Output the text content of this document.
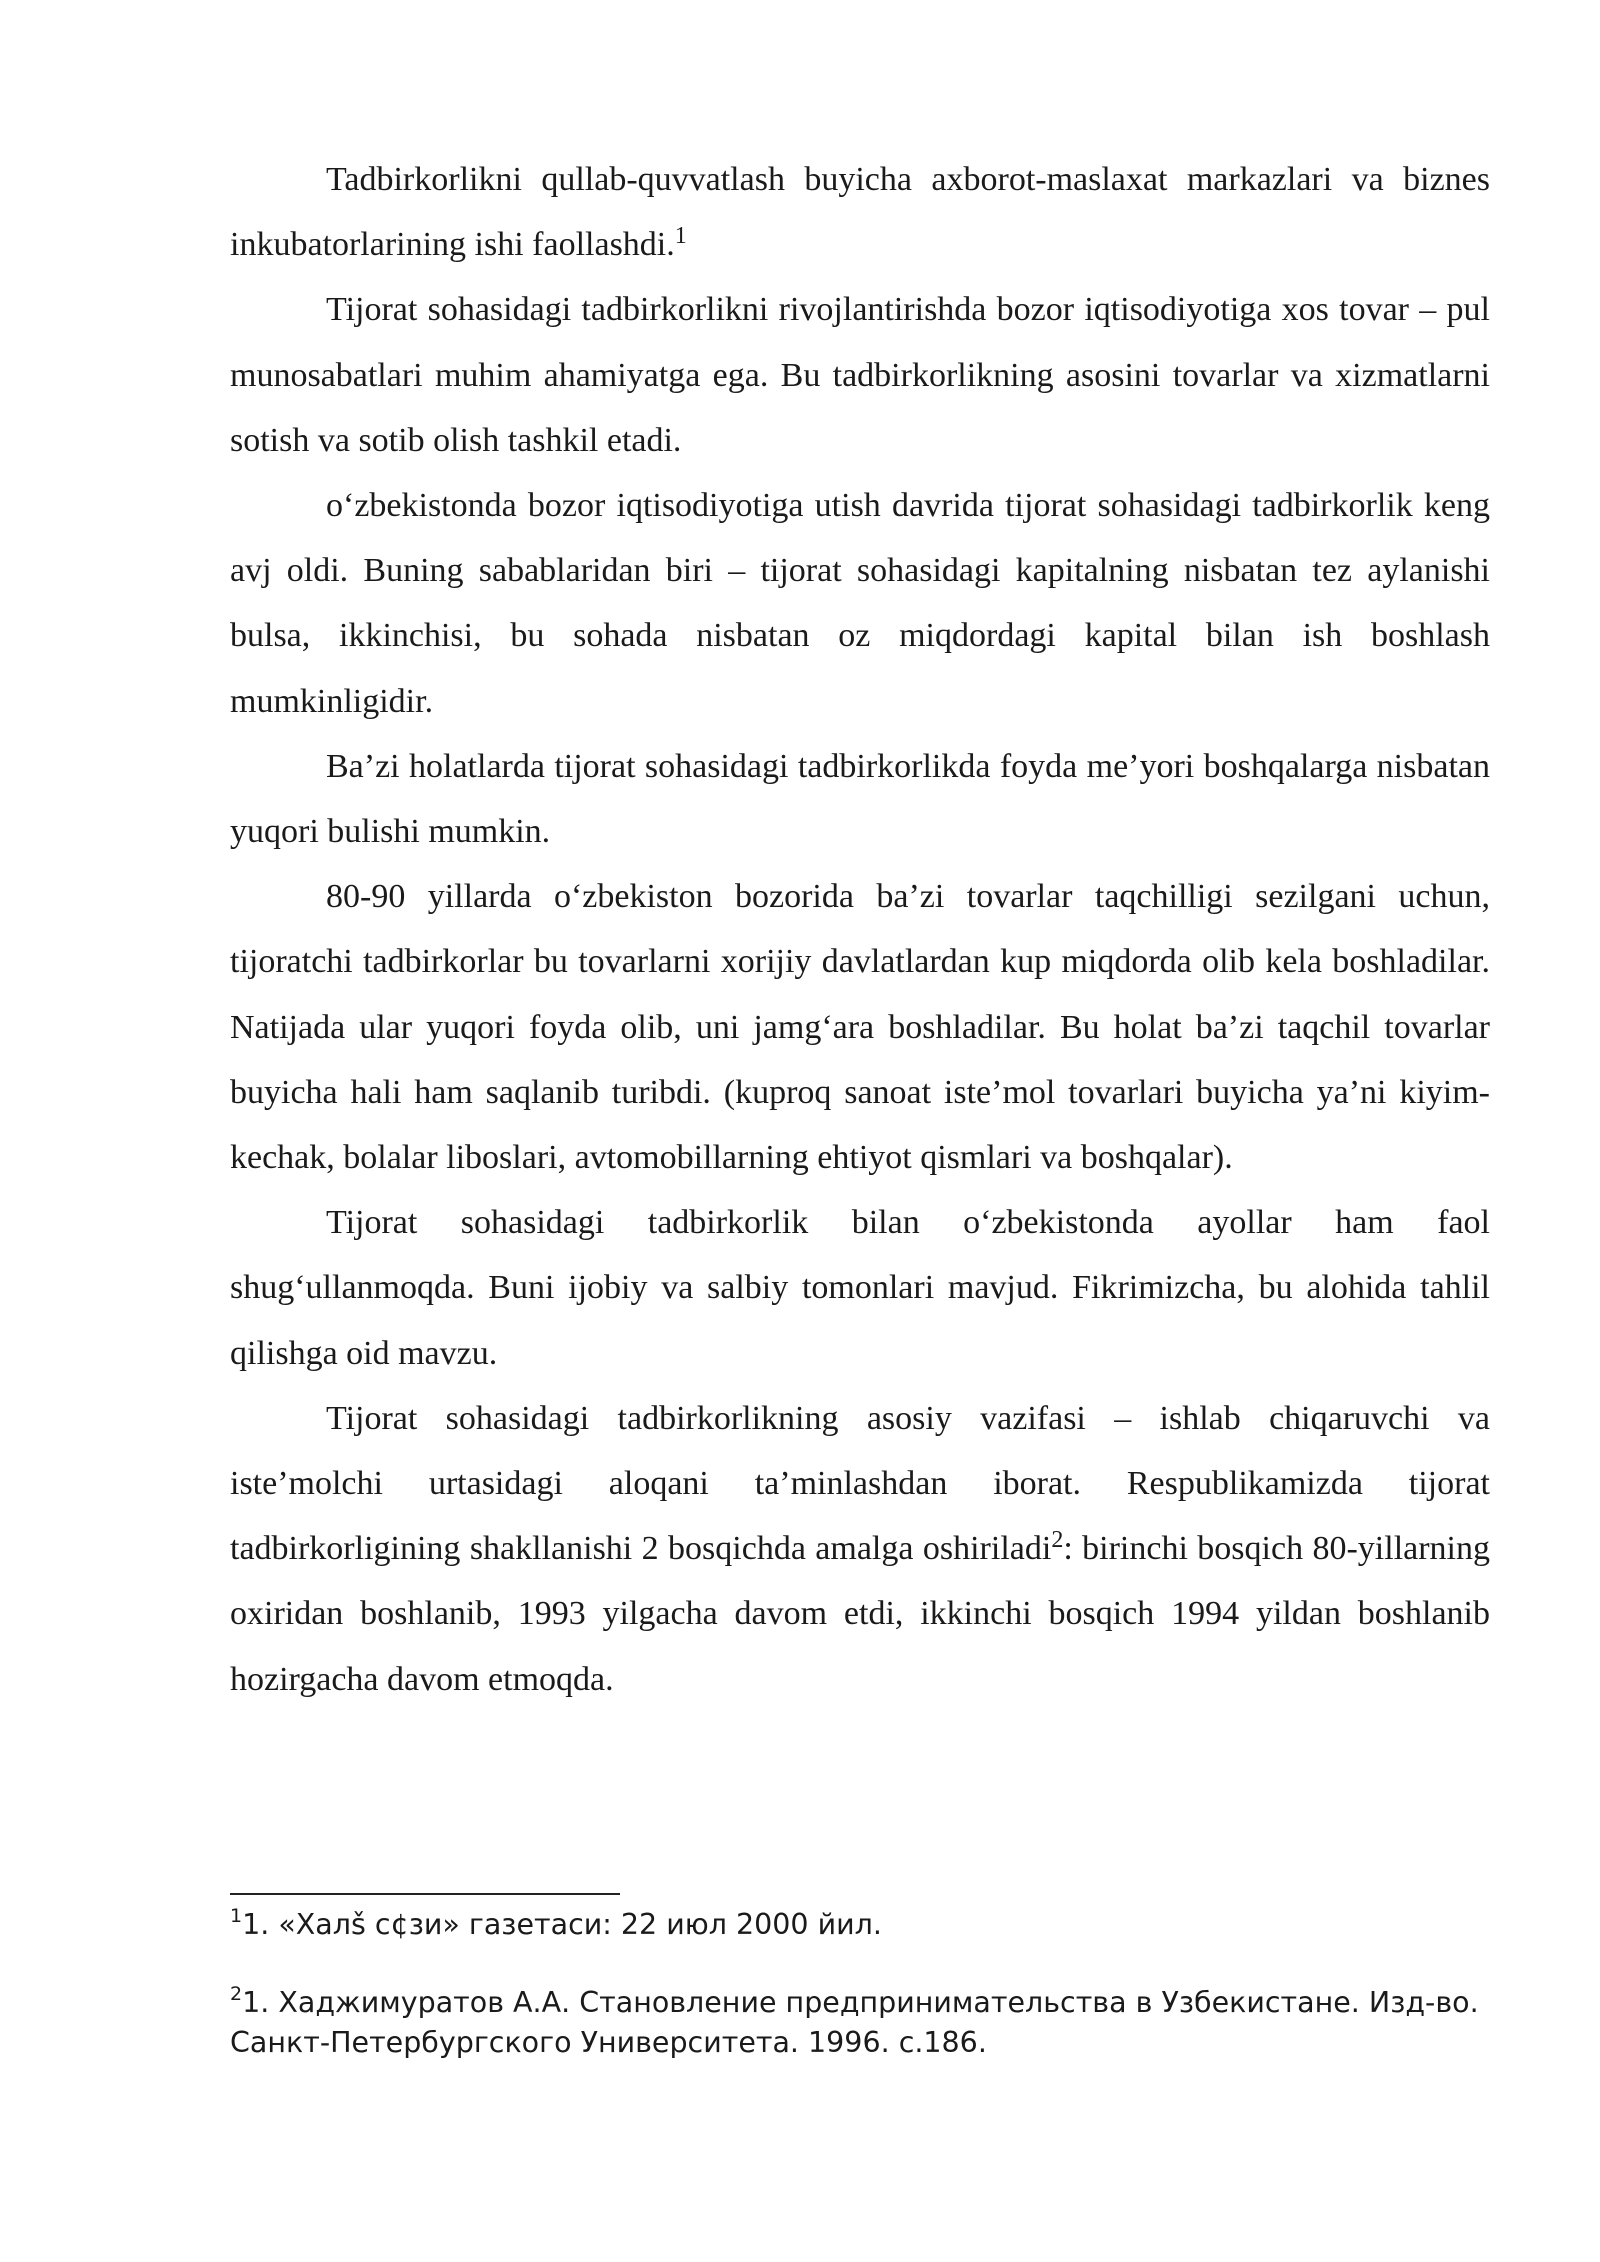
Tadbirkorlikni qullab-quvvatlash buyicha axborot-maslaxat markazlari va biznes inkubatorlarining ishi faollashdi.$^1$

Tijorat sohasidagi tadbirkorlikni rivojlantirishda bozor iqtisodiyotiga xos tovar – pul munosabatlari muhim ahamiyatga ega. Bu tadbirkorlikning asosini tovarlar va xizmatlarni sotish va sotib olish tashkil etadi.

o‘zbekistonda bozor iqtisodiyotiga utish davrida tijorat sohasidagi tadbirkorlik keng avj oldi. Buning sabablaridan biri – tijorat sohasidagi kapitalning nisbatan tez aylanishi bulsa, ikkinchisi, bu sohada nisbatan oz miqdordagi kapital bilan ish boshlash mumkinligidir.

Ba’zi holatlarda tijorat sohasidagi tadbirkorlikda foyda me’yori boshqalarga nisbatan yuqori bulishi mumkin.

80-90 yillarda o‘zbekiston bozorida ba’zi tovarlar taqchilligi sezilgani uchun, tijoratchi tadbirkorlar bu tovarlarni xorijiy davlatlardan kup miqdorda olib kela boshladilar. Natijada ular yuqori foyda olib, uni jamg‘ara boshladilar. Bu holat ba’zi taqchil tovarlar buyicha hali ham saqlanib turibdi. (kuproq sanoat iste’mol tovarlari buyicha ya’ni kiyim-kechak, bolalar liboslari, avtomobillarning ehtiyot qismlari va boshqalar).

Tijorat sohasidagi tadbirkorlik bilan o‘zbekistonda ayollar ham faol shug‘ullanmoqda. Buni ijobiy va salbiy tomonlari mavjud. Fikrimizcha, bu alohida tahlil qilishga oid mavzu.

Tijorat sohasidagi tadbirkorlikning asosiy vazifasi – ishlab chiqaruvchi va iste’molchi urtasidagi aloqani ta’minlashdan iborat. Respublikamizda tijorat tadbirkorligining shakllanishi 2 bosqichda amalga oshiriladi$^2$: birinchi bosqich 80-yillarning oxiridan boshlanib, 1993 yilgacha davom etdi, ikkinchi bosqich 1994 yildan boshlanib hozirgacha davom etmoqda.

$^1$1. «Халš с¢зи» газетаси: 22 июл 2000 йил.

$^2$1. Хаджимуратов А.А. Становление предпринимательства в Узбекистане. Изд-во. Санкт-Петербургского Университета. 1996. с.186.
